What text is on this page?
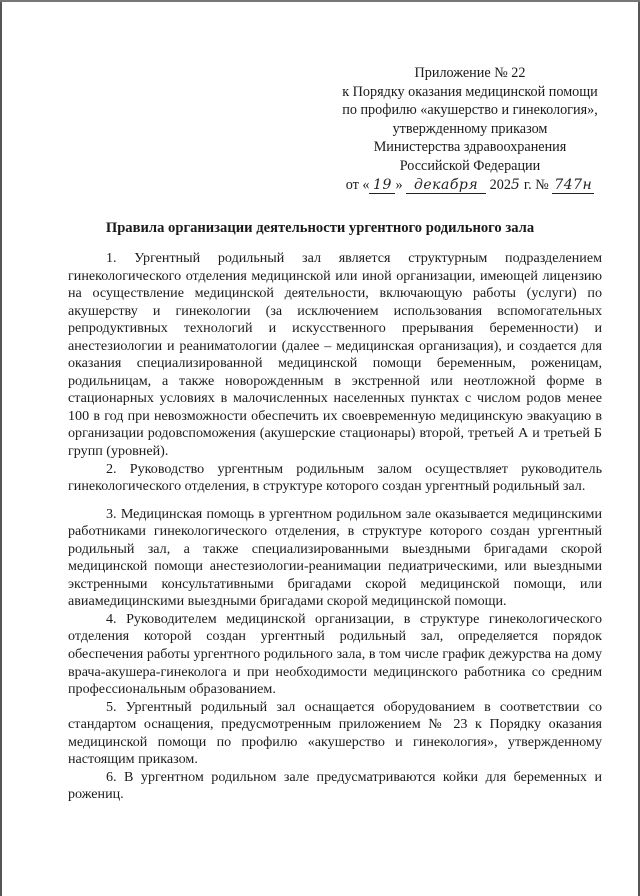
Приложение № 22
к Порядку оказания медицинской помощи
по профилю «акушерство и гинекология»,
утвержденному приказом
Министерства здравоохранения
Российской Федерации
от « 19 » декабря 2025 г. № 747н
Правила организации деятельности ургентного родильного зала

1. Ургентный родильный зал является структурным подразделением гинекологического отделения медицинской или иной организации, имеющей лицензию на осуществление медицинской деятельности, включающую работы (услуги) по акушерству и гинекологии (за исключением использования вспомогательных репродуктивных технологий и искусственного прерывания беременности) и анестезиологии и реаниматологии (далее – медицинская организация), и создается для оказания специализированной медицинской помощи беременным, роженицам, родильницам, а также новорожденным в экстренной или неотложной форме в стационарных условиях в малочисленных населенных пунктах с числом родов менее 100 в год при невозможности обеспечить их своевременную медицинскую эвакуацию в организации родовспоможения (акушерские стационары) второй, третьей А и третьей Б групп (уровней).

2. Руководство ургентным родильным залом осуществляет руководитель гинекологического отделения, в структуре которого создан ургентный родильный зал.

3. Медицинская помощь в ургентном родильном зале оказывается медицинскими работниками гинекологического отделения, в структуре которого создан ургентный родильный зал, а также специализированными выездными бригадами скорой медицинской помощи анестезиологии-реанимации педиатрическими, или выездными экстренными консультативными бригадами скорой медицинской помощи, или авиамедицинскими выездными бригадами скорой медицинской помощи.

4. Руководителем медицинской организации, в структуре гинекологического отделения которой создан ургентный родильный зал, определяется порядок обеспечения работы ургентного родильного зала, в том числе график дежурства на дому врача-акушера-гинеколога и при необходимости медицинского работника со средним профессиональным образованием.

5. Ургентный родильный зал оснащается оборудованием в соответствии со стандартом оснащения, предусмотренным приложением № 23 к Порядку оказания медицинской помощи по профилю «акушерство и гинекология», утвержденному настоящим приказом.

6. В ургентном родильном зале предусматриваются койки для беременных и рожениц.
